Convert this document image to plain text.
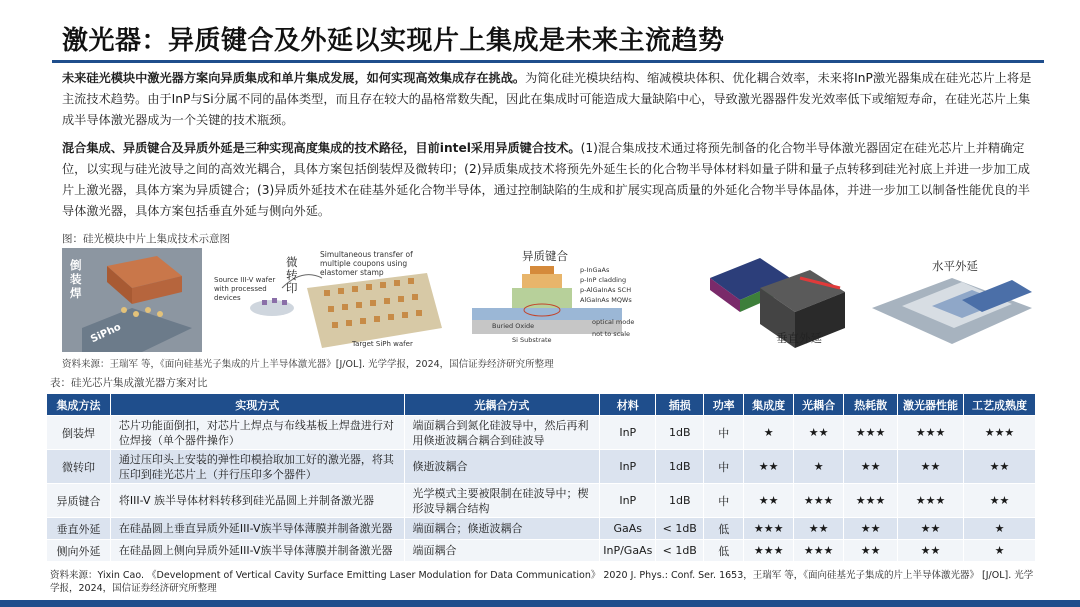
激光器：异质键合及外延以实现片上集成是未来主流趋势
未来硅光模块中激光器方案向异质集成和单片集成发展，如何实现高效集成存在挑战。为简化硅光模块结构、缩减模块体积、优化耦合效率，未来将InP激光器集成在硅光芯片上将是主流技术趋势。由于InP与Si分属不同的晶体类型，而且存在较大的晶格常数失配，因此在集成时可能造成大量缺陷中心，导致激光器器件发光效率低下或缩短寿命，在硅光芯片上集成半导体激光器成为一个关键的技术瓶颈。
混合集成、异质键合及异质外延是三种实现高度集成的技术路径，目前intel采用异质键合技术。(1)混合集成技术通过将预先制备的化合物半导体激光器固定在硅光芯片上并精确定位，以实现与硅光波导之间的高效光耦合，具体方案包括倒装焊及微转印；(2)异质集成技术将预先外延生长的化合物半导体材料如量子阱和量子点转移到硅光衬底上并进一步加工成片上激光器，具体方案为异质键合；(3)异质外延技术在硅基外延化合物半导体，通过控制缺陷的生成和扩展实现高质量的外延化合物半导体晶体，并进一步加工以制备性能优良的半导体激光器，具体方案包括垂直外延与侧向外延。
图：硅光模块中片上集成技术示意图
倒装焊
SiPho
微转印
Simultaneous transfer of multiple coupons using elastomer stamp
Source III-V wafer with processed devices
Target SiPh wafer
异质键合
Buried Oxide
Si Substrate
p-InGaAs
p-InP cladding
p-AlGaInAs SCH
AlGaInAs MQWs
optical mode
not to scale	垂直外延
水平外延
资料来源：王瑞军 等，《面向硅基光子集成的片上半导体激光器》[J/OL]. 光学学报，2024，国信证券经济研究所整理
表：硅光芯片集成激光器方案对比
集成方法	实现方式	光耦合方式	材料	插损	功率	集成度	光耦合	热耗散	激光器性能	工艺成熟度
倒装焊	芯片功能面倒扣，对芯片上焊点与布线基板上焊盘进行对位焊接（单个器件操作）	端面耦合到氮化硅波导中，然后再利用倏逝波耦合耦合到硅波导	InP	1dB	中	★	★★	★★★	★★★	★★★
微转印	通过压印头上安装的弹性印模拾取加工好的激光器，将其压印到硅光芯片上（并行压印多个器件）	倏逝波耦合	InP	1dB	中	★★	★	★★	★★	★★
异质键合	将III-V 族半导体材料转移到硅光晶圆上并制备激光器	光学模式主要被限制在硅波导中；楔形波导耦合结构	InP	1dB	中	★★	★★★	★★★	★★★	★★
垂直外延	在硅晶圆上垂直异质外延III-V族半导体薄膜并制备激光器	端面耦合；倏逝波耦合	GaAs	< 1dB	低	★★★	★★	★★	★★	★
侧向外延	在硅晶圆上侧向异质外延III-V族半导体薄膜并制备激光器	端面耦合	InP/GaAs	< 1dB	低	★★★	★★★	★★	★★	★
资料来源：Yixin Cao. 《Development of Vertical Cavity Surface Emitting Laser Modulation for Data Communication》 2020 J. Phys.: Conf. Ser. 1653，王瑞军 等，《面向硅基光子集成的片上半导体激光器》 [J/OL]. 光学学报，2024，国信证券经济研究所整理
